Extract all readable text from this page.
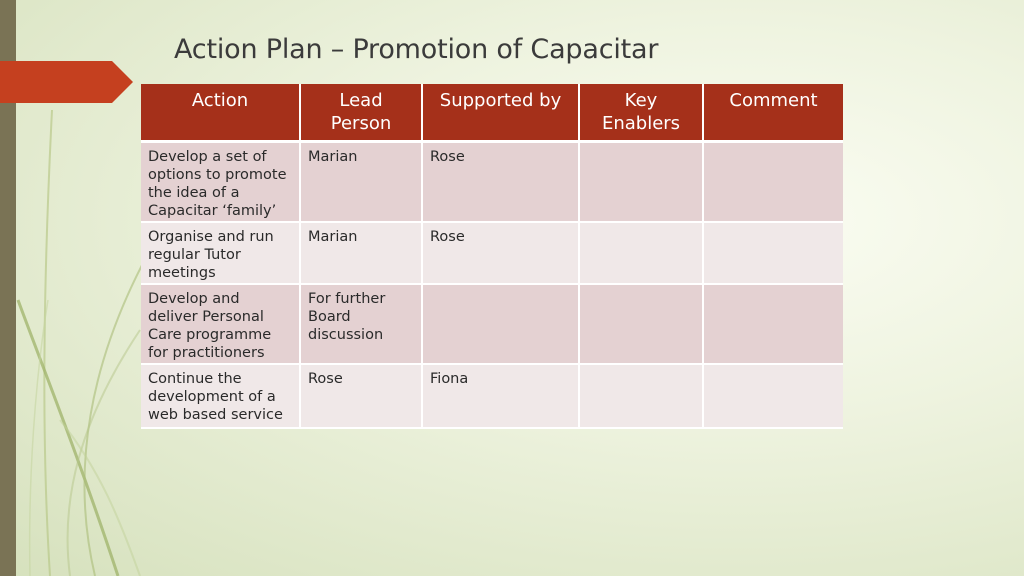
Action Plan – Promotion of Capacitar
Action	Lead Person	Supported by	Key Enablers	Comment
Develop a set of options to promote the idea of a Capacitar ‘family’	Marian	Rose		
Organise and run regular Tutor meetings	Marian	Rose		
Develop and deliver Personal Care programme for practitioners	For further Board discussion			
Continue the development of a web based service	Rose	Fiona		
